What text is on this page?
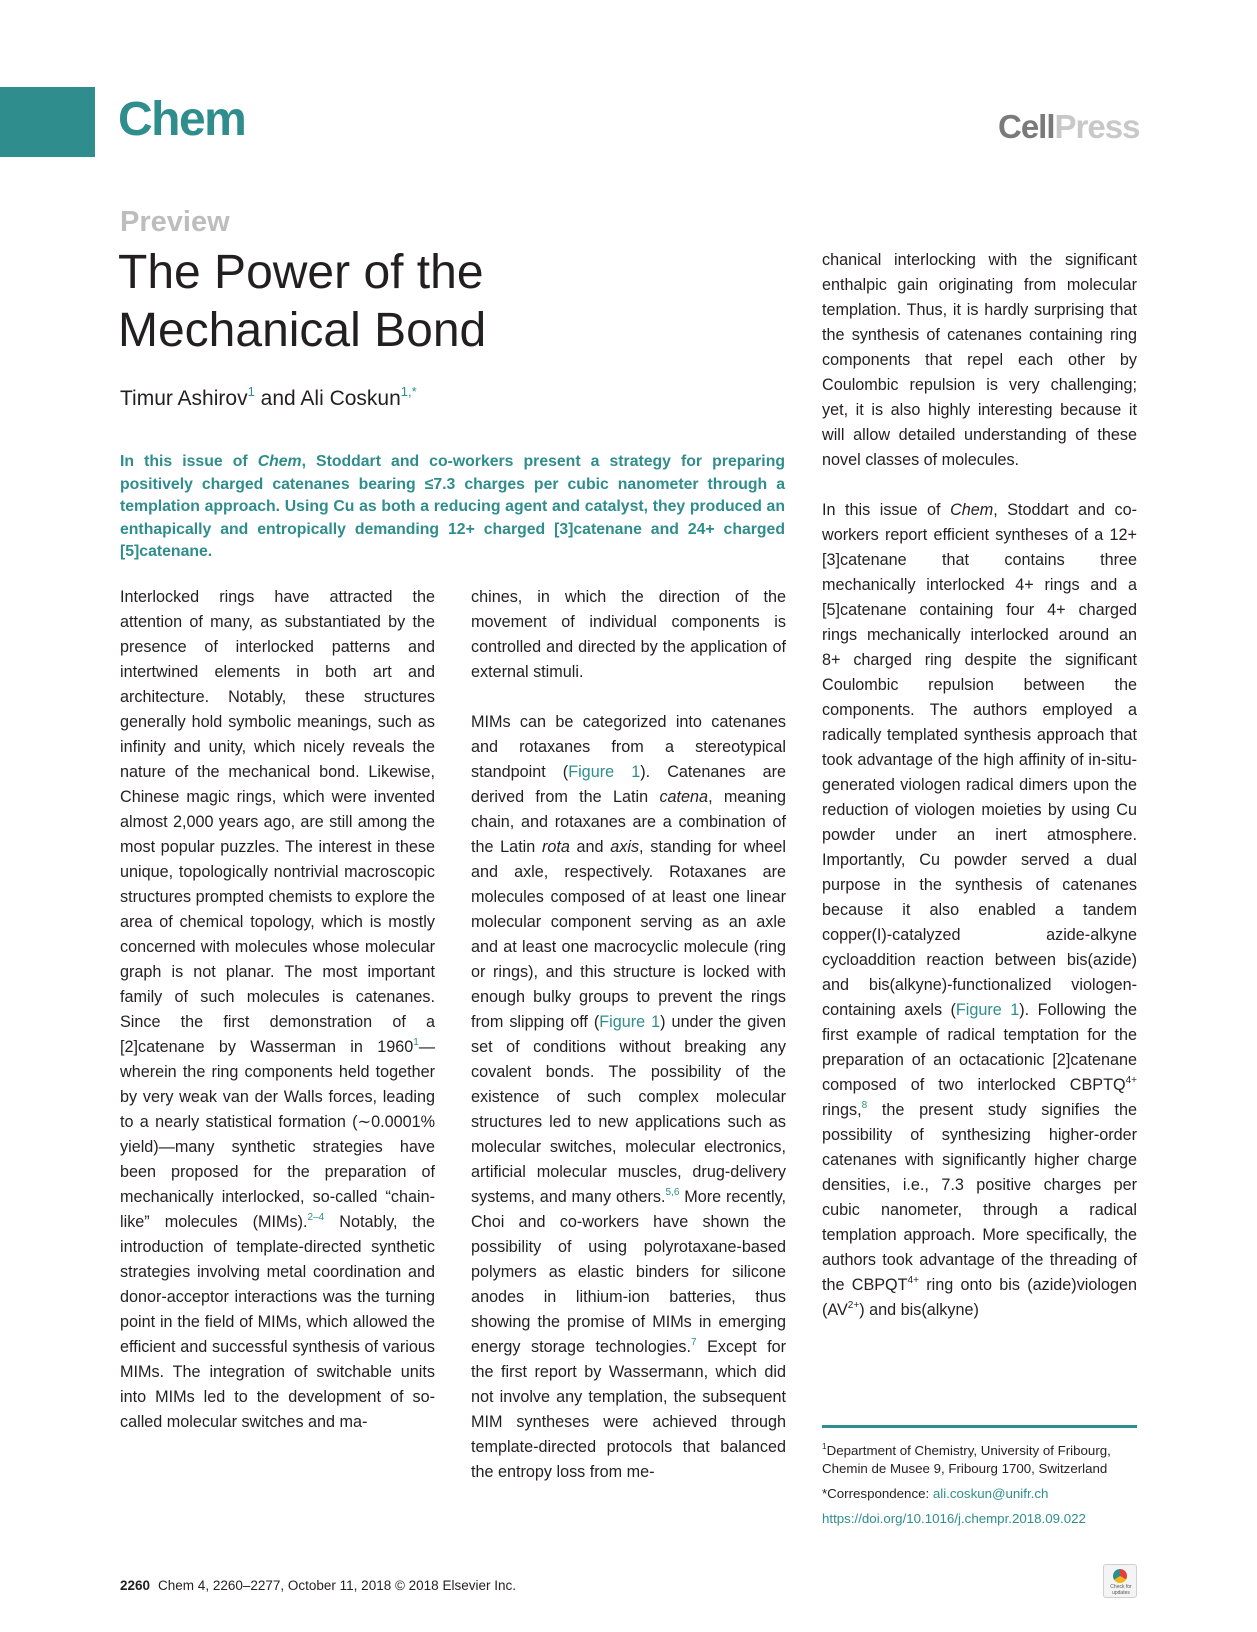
Chem	CellPress
Preview
The Power of the Mechanical Bond
Timur Ashirov$^1$ and Ali Coskun$^{1,*}$
In this issue of Chem, Stoddart and co-workers present a strategy for preparing positively charged catenanes bearing ≤7.3 charges per cubic nanometer through a templation approach. Using Cu as both a reducing agent and catalyst, they produced an enthapically and entropically demanding 12+ charged [3]catenane and 24+ charged [5]catenane.

Interlocked rings have attracted the attention of many, as substantiated by the presence of interlocked patterns and intertwined elements in both art and architecture. Notably, these structures generally hold symbolic meanings, such as infinity and unity, which nicely reveals the nature of the mechanical bond. Likewise, Chinese magic rings, which were invented almost 2,000 years ago, are still among the most popular puzzles. The interest in these unique, topologically nontrivial macroscopic structures prompted chemists to explore the area of chemical topology, which is mostly concerned with molecules whose molecular graph is not planar. The most important family of such molecules is catenanes. Since the first demonstration of a [2]catenane by Wasserman in 1960$^1$—wherein the ring components held together by very weak van der Walls forces, leading to a nearly statistical formation (∼0.0001% yield)—many synthetic strategies have been proposed for the preparation of mechanically interlocked, so-called “chain-like” molecules (MIMs).$^{2-4}$ Notably, the introduction of template-directed synthetic strategies involving metal coordination and donor-acceptor interactions was the turning point in the field of MIMs, which allowed the efficient and successful synthesis of various MIMs. The integration of switchable units into MIMs led to the development of so-called molecular switches and ma-

chines, in which the direction of the movement of individual components is controlled and directed by the application of external stimuli.

MIMs can be categorized into catenanes and rotaxanes from a stereotypical standpoint (Figure 1). Catenanes are derived from the Latin catena, meaning chain, and rotaxanes are a combination of the Latin rota and axis, standing for wheel and axle, respectively. Rotaxanes are molecules composed of at least one linear molecular component serving as an axle and at least one macrocyclic molecule (ring or rings), and this structure is locked with enough bulky groups to prevent the rings from slipping off (Figure 1) under the given set of conditions without breaking any covalent bonds. The possibility of the existence of such complex molecular structures led to new applications such as molecular switches, molecular electronics, artificial molecular muscles, drug-delivery systems, and many others.$^{5,6}$ More recently, Choi and co-workers have shown the possibility of using polyrotaxane-based polymers as elastic binders for silicone anodes in lithium-ion batteries, thus showing the promise of MIMs in emerging energy storage technologies.$^7$ Except for the first report by Wassermann, which did not involve any templation, the subsequent MIM syntheses were achieved through template-directed protocols that balanced the entropy loss from me-

chanical interlocking with the significant enthalpic gain originating from molecular templation. Thus, it is hardly surprising that the synthesis of catenanes containing ring components that repel each other by Coulombic repulsion is very challenging; yet, it is also highly interesting because it will allow detailed understanding of these novel classes of molecules.

In this issue of Chem, Stoddart and co-workers report efficient syntheses of a 12+ [3]catenane that contains three mechanically interlocked 4+ rings and a [5]catenane containing four 4+ charged rings mechanically interlocked around an 8+ charged ring despite the significant Coulombic repulsion between the components. The authors employed a radically templated synthesis approach that took advantage of the high affinity of in-situ-generated viologen radical dimers upon the reduction of viologen moieties by using Cu powder under an inert atmosphere. Importantly, Cu powder served a dual purpose in the synthesis of catenanes because it also enabled a tandem copper(I)-catalyzed azide-alkyne cycloaddition reaction between bis(azide) and bis(alkyne)-functionalized viologen-containing axels (Figure 1). Following the first example of radical temptation for the preparation of an octacationic [2]catenane composed of two interlocked $CBPTQ^{4+}$ rings,$^8$ the present study signifies the possibility of synthesizing higher-order catenanes with significantly higher charge densities, i.e., 7.3 positive charges per cubic nanometer, through a radical templation approach. More specifically, the authors took advantage of the threading of the $CBPQT^{4+}$ ring onto bis (azide)viologen $(AV^{2+})$ and bis(alkyne)

$^1$Department of Chemistry, University of Fribourg, Chemin de Musee 9, Fribourg 1700, Switzerland
*Correspondence: ali.coskun@unifr.ch
https://doi.org/10.1016/j.chempr.2018.09.022
2260 Chem 4, 2260–2277, October 11, 2018 © 2018 Elsevier Inc.	Check for updates
